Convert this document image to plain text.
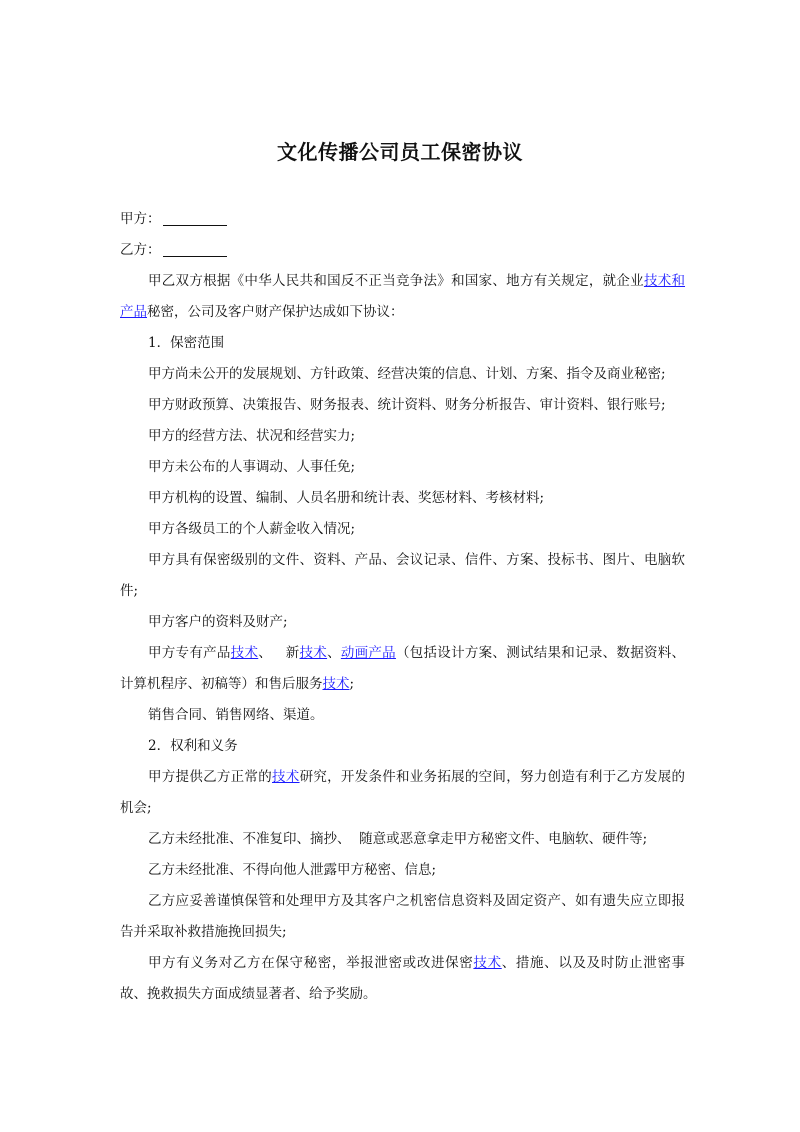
文化传播公司员工保密协议
甲方：
乙方：
甲乙双方根据《中华人民共和国反不正当竞争法》和国家、地方有关规定，就企业技术和产品秘密，公司及客户财产保护达成如下协议：
1．保密范围
甲方尚未公开的发展规划、方针政策、经营决策的信息、计划、方案、指令及商业秘密;
甲方财政预算、决策报告、财务报表、统计资料、财务分析报告、审计资料、银行账号;
甲方的经营方法、状况和经营实力;
甲方未公布的人事调动、人事任免;
甲方机构的设置、编制、人员名册和统计表、奖惩材料、考核材料;
甲方各级员工的个人薪金收入情况;
甲方具有保密级别的文件、资料、产品、会议记录、信件、方案、投标书、图片、电脑软件;
甲方客户的资料及财产;
甲方专有产品技术、   新技术、动画产品（包括设计方案、测试结果和记录、数据资料、计算机程序、初稿等）和售后服务技术;
销售合同、销售网络、渠道。
2．权利和义务
甲方提供乙方正常的技术研究，开发条件和业务拓展的空间，努力创造有利于乙方发展的机会;
乙方未经批准、不准复印、摘抄、  随意或恶意拿走甲方秘密文件、电脑软、硬件等;
乙方未经批准、不得向他人泄露甲方秘密、信息;
乙方应妥善谨慎保管和处理甲方及其客户之机密信息资料及固定资产、如有遗失应立即报告并采取补救措施挽回损失;
甲方有义务对乙方在保守秘密，举报泄密或改进保密技术、措施、以及及时防止泄密事故、挽救损失方面成绩显著者、给予奖励。
